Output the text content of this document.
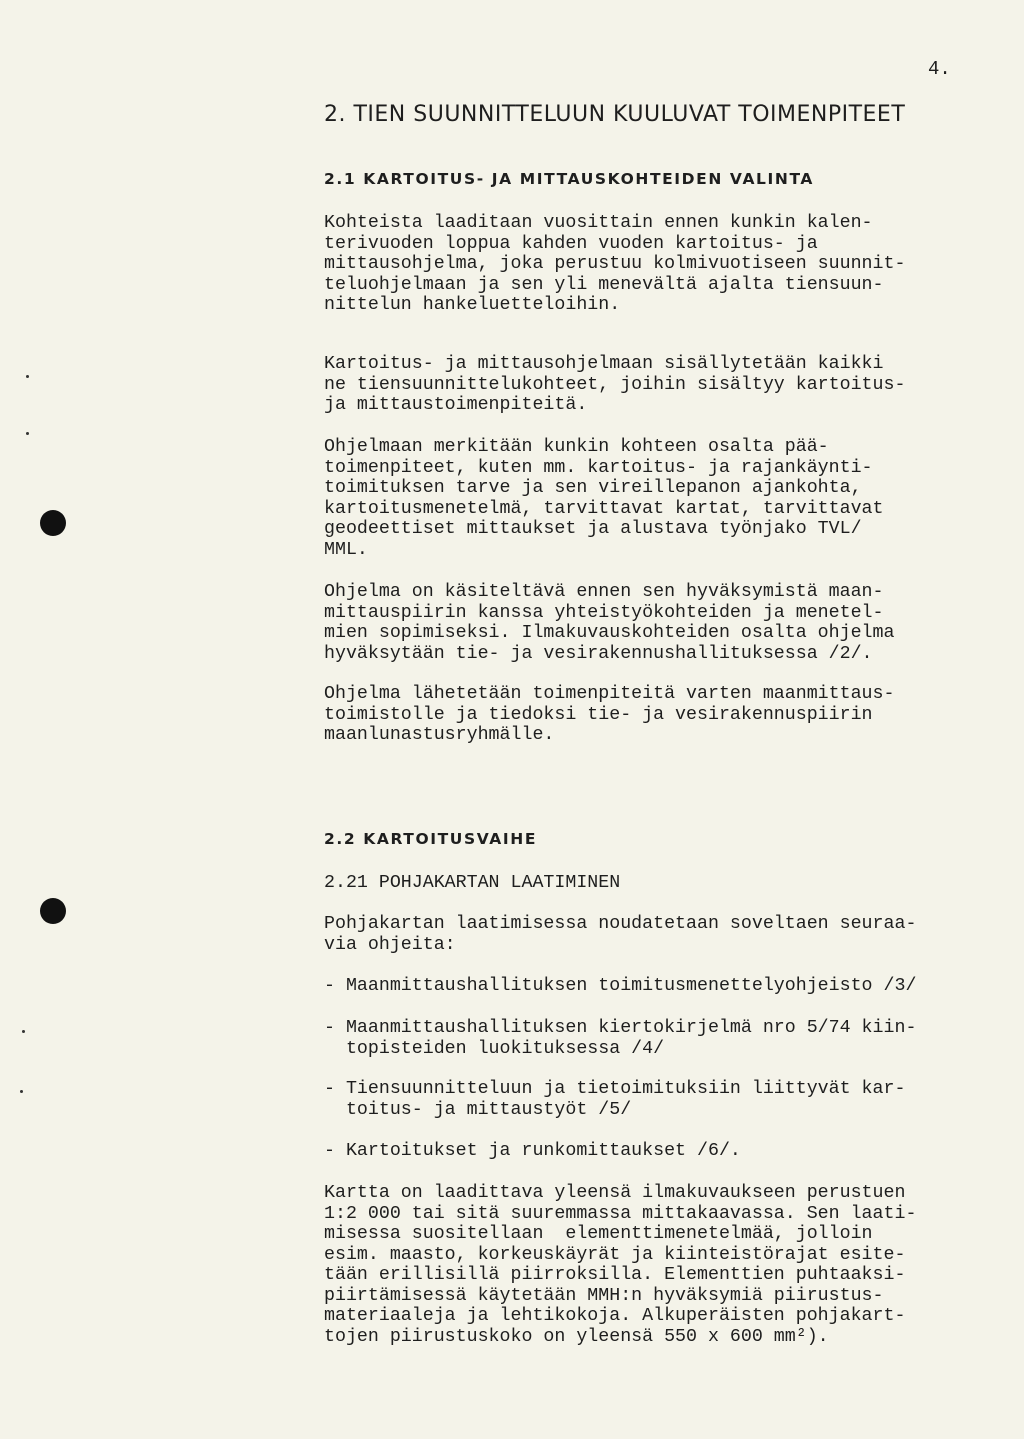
4.
2. TIEN SUUNNITTELUUN KUULUVAT TOIMENPITEET
2.1 KARTOITUS- JA MITTAUSKOHTEIDEN VALINTA
Kohteista laaditaan vuosittain ennen kunkin kalen-
terivuoden loppua kahden vuoden kartoitus- ja
mittausohjelma, joka perustuu kolmivuotiseen suunnit-
teluohjelmaan ja sen yli menevältä ajalta tiensuun-
nittelun hankeluetteloihin.
Kartoitus- ja mittausohjelmaan sisällytetään kaikki
ne tiensuunnittelukohteet, joihin sisältyy kartoitus-
ja mittaustoimenpiteitä.
Ohjelmaan merkitään kunkin kohteen osalta pää-
toimenpiteet, kuten mm. kartoitus- ja rajankäynti-
toimituksen tarve ja sen vireillepanon ajankohta,
kartoitusmenetelmä, tarvittavat kartat, tarvittavat
geodeettiset mittaukset ja alustava työnjako TVL/
MML.
Ohjelma on käsiteltävä ennen sen hyväksymistä maan-
mittauspiirin kanssa yhteistyökohteiden ja menetel-
mien sopimiseksi. Ilmakuvauskohteiden osalta ohjelma
hyväksytään tie- ja vesirakennushallituksessa /2/.
Ohjelma lähetetään toimenpiteitä varten maanmittaus-
toimistolle ja tiedoksi tie- ja vesirakennuspiirin
maanlunastusryhmälle.
2.2 KARTOITUSVAIHE
2.21 POHJAKARTAN LAATIMINEN
Pohjakartan laatimisessa noudatetaan soveltaen seuraa-
via ohjeita:
- Maanmittaushallituksen toimitusmenettelyohjeisto /3/
- Maanmittaushallituksen kiertokirjelmä nro 5/74 kiin-
topisteiden luokituksessa /4/
- Tiensuunnitteluun ja tietoimituksiin liittyvät kar-
toitus- ja mittaustyöt /5/
- Kartoitukset ja runkomittaukset /6/.
Kartta on laadittava yleensä ilmakuvaukseen perustuen
1:2 000 tai sitä suuremmassa mittakaavassa. Sen laati-
misessa suositellaan  elementtimenetelmää, jolloin
esim. maasto, korkeuskäyrät ja kiinteistörajat esite-
tään erillisillä piirroksilla. Elementtien puhtaaksi-
piirtämisessä käytetään MMH:n hyväksymiä piirustus-
materiaaleja ja lehtikokoja. Alkuperäisten pohjakart-
tojen piirustuskoko on yleensä 550 x 600 mm²).
